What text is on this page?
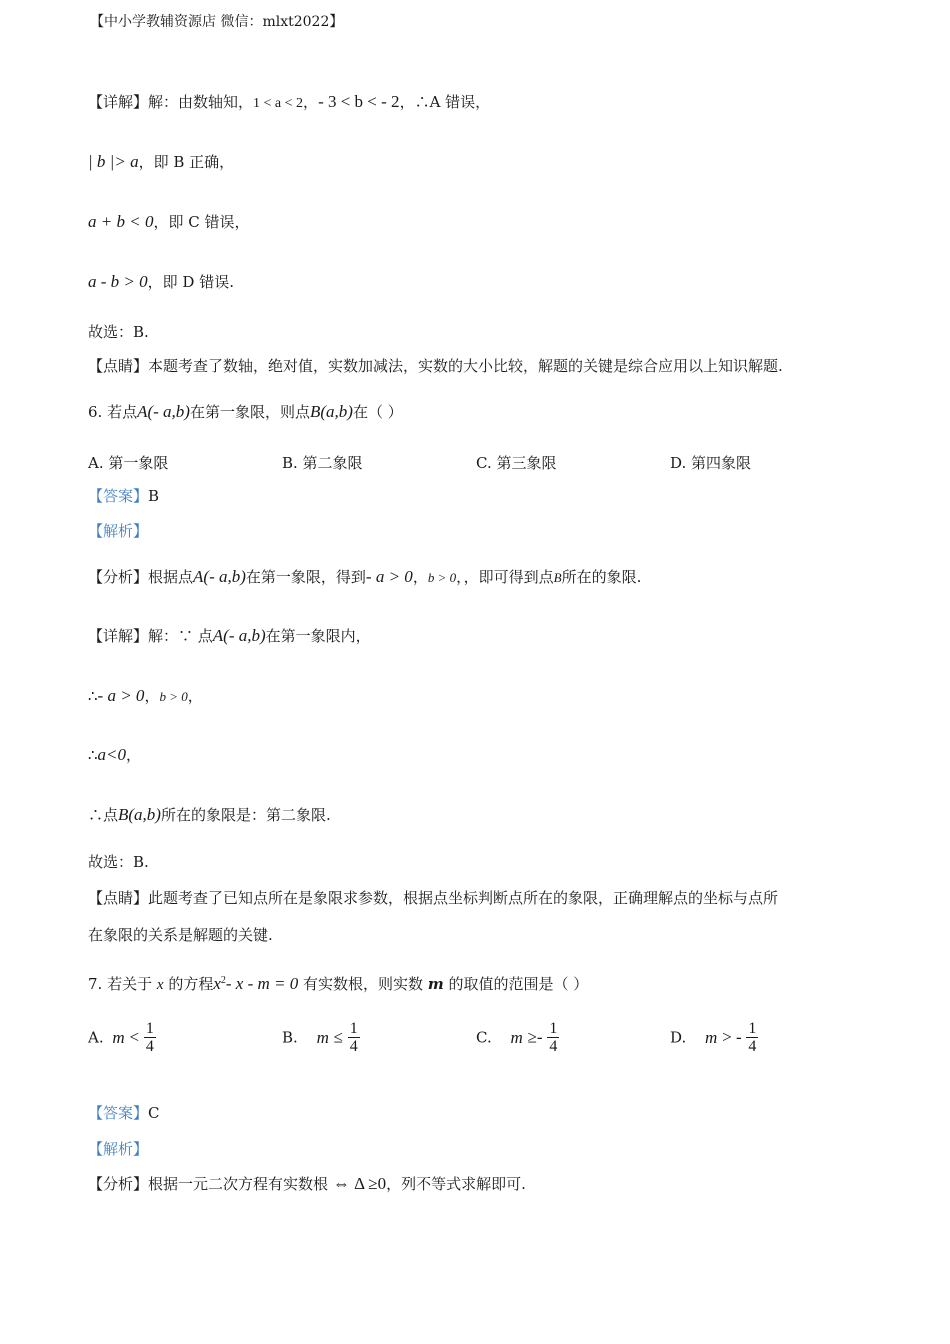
【中小学教辅资源店 微信：mlxt2022】
【详解】解：由数轴知，1 < a < 2，- 3 < b < - 2，∴A 错误，
| b |> a，即 B 正确，
a + b < 0，即 C 错误，
a - b > 0，即 D 错误.
故选：B.
【点睛】本题考查了数轴，绝对值，实数加减法，实数的大小比较，解题的关键是综合应用以上知识解题.
6. 若点A(- a,b)在第一象限，则点B(a,b)在（ ）
A. 第一象限	B. 第二象限	C. 第三象限	D. 第四象限
【答案】B
【解析】
【分析】根据点A(- a,b)在第一象限，得到- a > 0，b > 0，，即可得到点B所在的象限.
【详解】解：∵ 点A(- a,b)在第一象限内，
∴- a > 0，b > 0，
∴a<0，
∴点B(a,b)所在的象限是：第二象限.
故选：B.
【点睛】此题考查了已知点所在是象限求参数，根据点坐标判断点所在的象限，正确理解点的坐标与点所
在象限的关系是解题的关键.
7. 若关于 x 的方程$x^2-$ x - m = 0 有实数根，则实数 m 的取值的范围是（ ）
A. $m < \frac{1}{4}$	B. $m \le \frac{1}{4}$	C. $m \ge- \frac{1}{4}$	D. m > - $\frac{1}{4}$
【答案】C
【解析】
【分析】根据一元二次方程有实数根 ⇔ Δ ≥0，列不等式求解即可.
